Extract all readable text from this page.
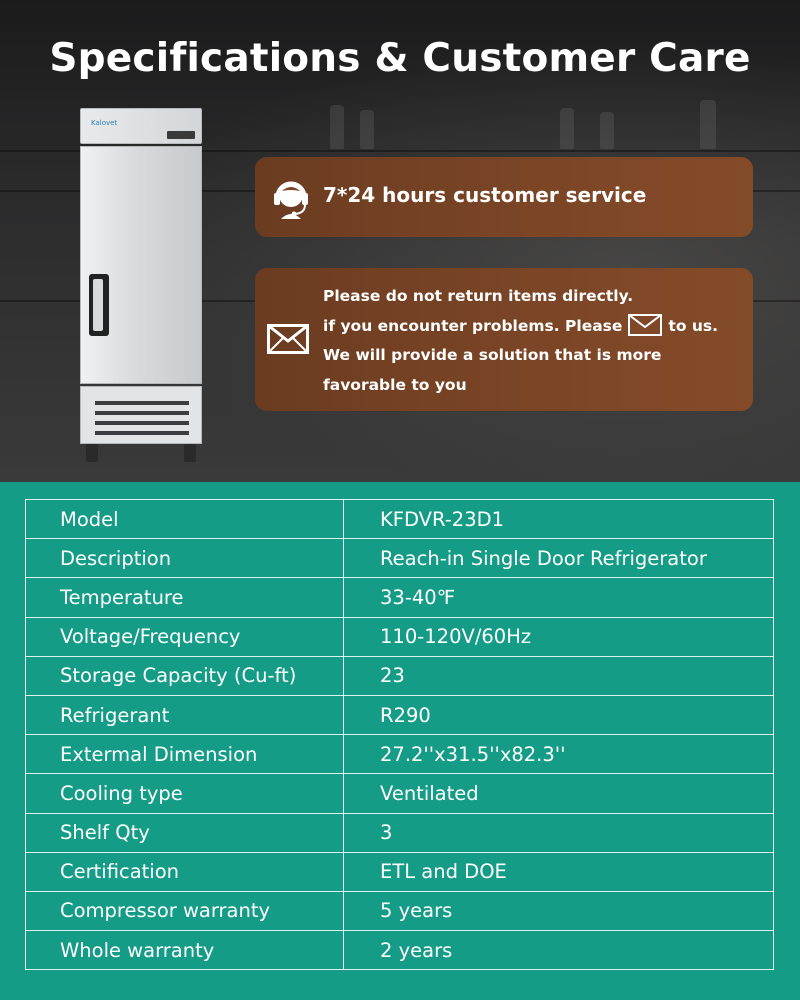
Specifications & Customer Care
Kalovet
7*24 hours customer service
Please do not return items directly.
if you encounter problems. Please	to us.
We will provide a solution that is more
favorable to you
Model	KFDVR-23D1
Description	Reach-in Single Door Refrigerator
Temperature	33-40℉
Voltage/Frequency	110-120V/60Hz
Storage Capacity (Cu-ft)	23
Refrigerant	R290
Extermal Dimension	27.2''x31.5''x82.3''
Cooling type	Ventilated
Shelf Qty	3
Certification	ETL and DOE
Compressor warranty	5 years
Whole warranty	2 years
